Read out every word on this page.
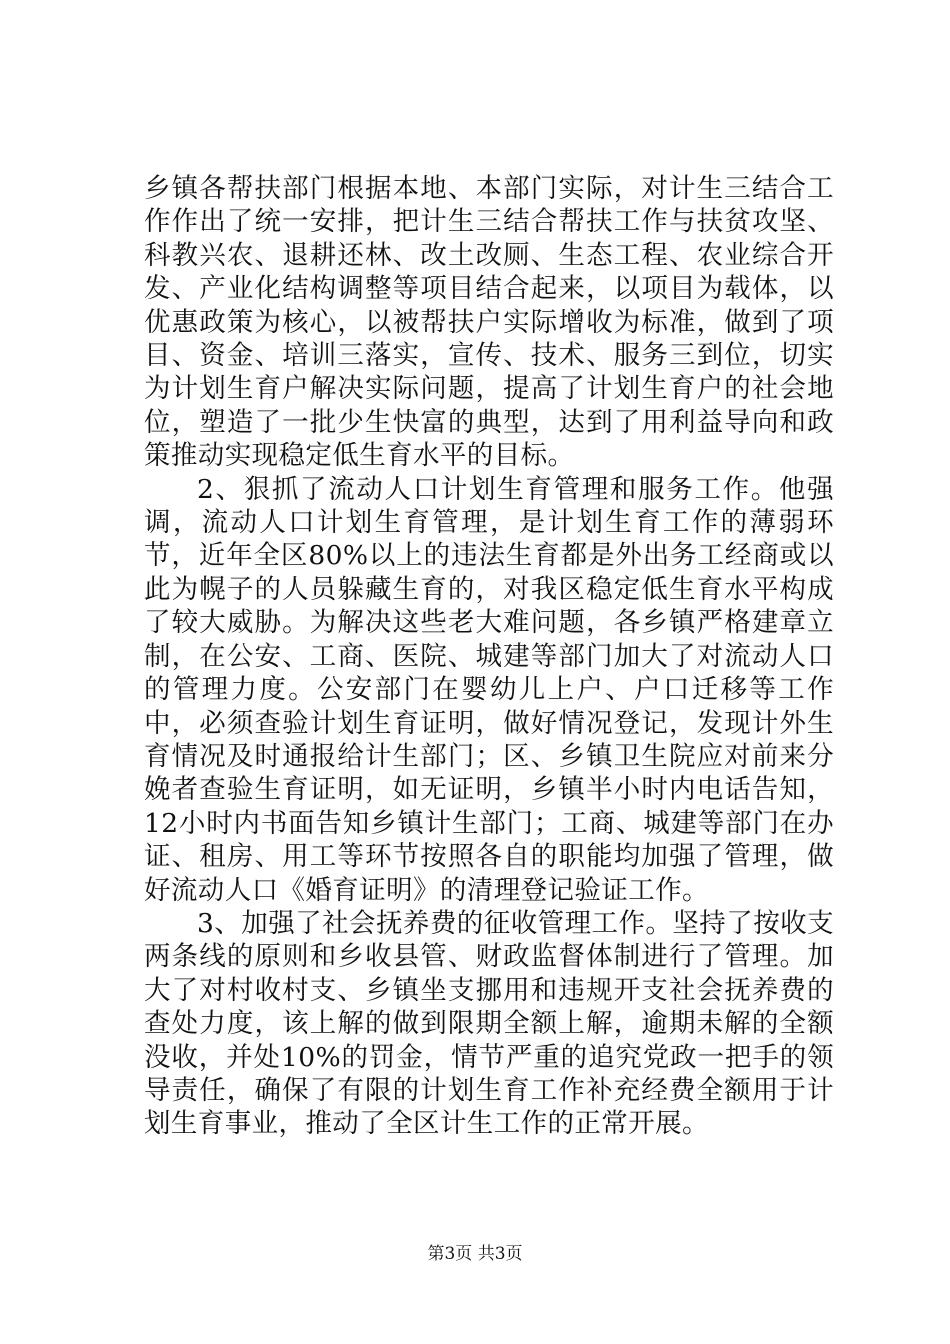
乡镇各帮扶部门根据本地、本部门实际，对计生三结合工作作出了统一安排，把计生三结合帮扶工作与扶贫攻坚、科教兴农、退耕还林、改土改厕、生态工程、农业综合开发、产业化结构调整等项目结合起来，以项目为载体，以优惠政策为核心，以被帮扶户实际增收为标准，做到了项目、资金、培训三落实，宣传、技术、服务三到位，切实为计划生育户解决实际问题，提高了计划生育户的社会地位，塑造了一批少生快富的典型，达到了用利益导向和政策推动实现稳定低生育水平的目标。

2、狠抓了流动人口计划生育管理和服务工作。他强调，流动人口计划生育管理，是计划生育工作的薄弱环节，近年全区80%以上的违法生育都是外出务工经商或以此为幌子的人员躲藏生育的，对我区稳定低生育水平构成了较大威胁。为解决这些老大难问题，各乡镇严格建章立制，在公安、工商、医院、城建等部门加大了对流动人口的管理力度。公安部门在婴幼儿上户、户口迁移等工作中，必须查验计划生育证明，做好情况登记，发现计外生育情况及时通报给计生部门；区、乡镇卫生院应对前来分娩者查验生育证明，如无证明，乡镇半小时内电话告知，12小时内书面告知乡镇计生部门；工商、城建等部门在办证、租房、用工等环节按照各自的职能均加强了管理，做好流动人口《婚育证明》的清理登记验证工作。

3、加强了社会抚养费的征收管理工作。坚持了按收支两条线的原则和乡收县管、财政监督体制进行了管理。加大了对村收村支、乡镇坐支挪用和违规开支社会抚养费的查处力度，该上解的做到限期全额上解，逾期未解的全额没收，并处10%的罚金，情节严重的追究党政一把手的领导责任，确保了有限的计划生育工作补充经费全额用于计划生育事业，推动了全区计生工作的正常开展。

第3页 共3页
